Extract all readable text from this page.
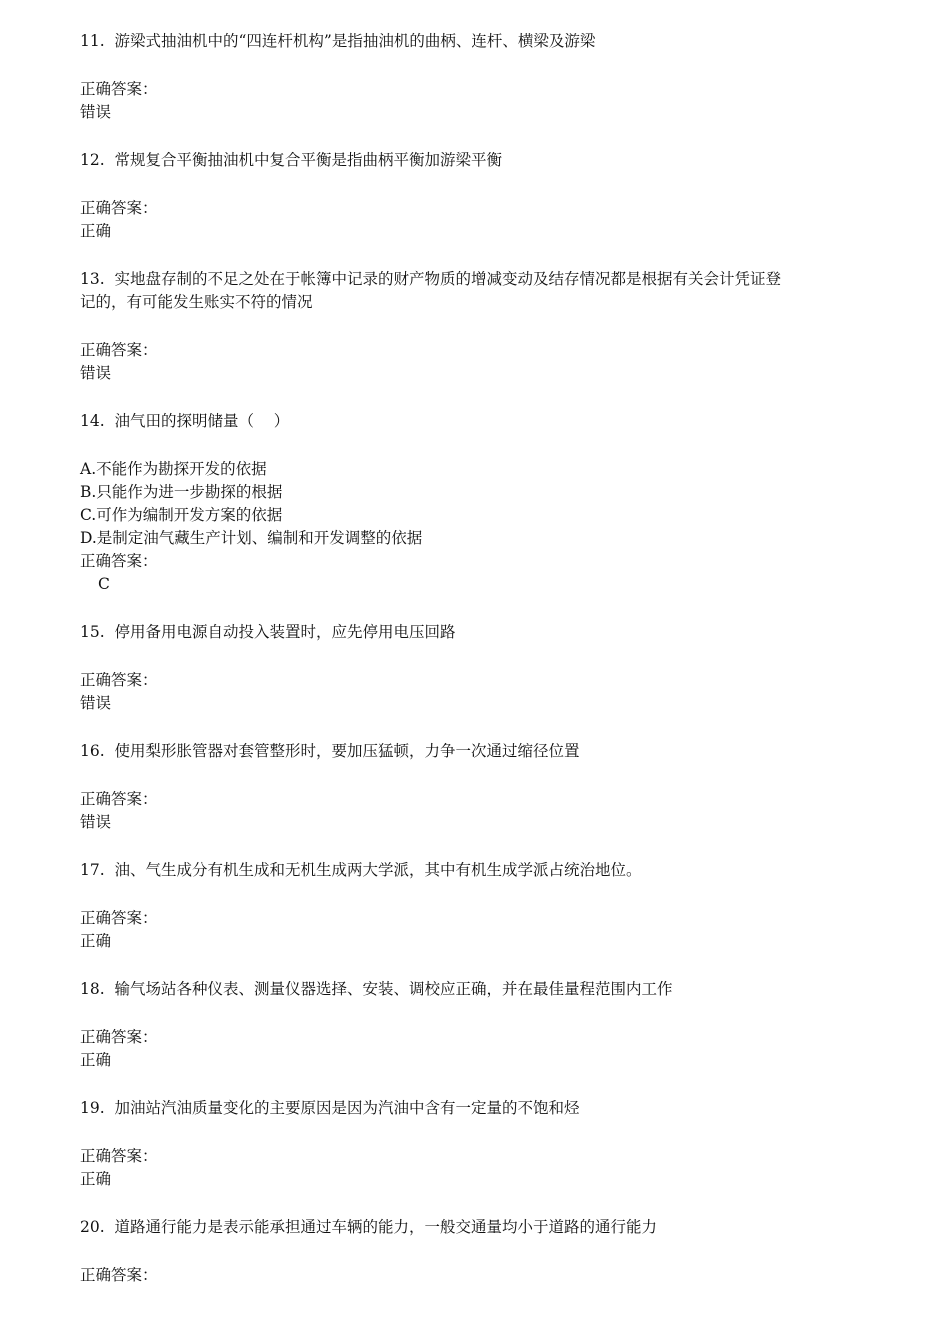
11.  游梁式抽油机中的“四连杆机构”是指抽油机的曲柄、连杆、横梁及游梁

正确答案：

错误

12.  常规复合平衡抽油机中复合平衡是指曲柄平衡加游梁平衡

正确答案：

正确

13.  实地盘存制的不足之处在于帐簿中记录的财产物质的增减变动及结存情况都是根据有关会计凭证登

记的，有可能发生账实不符的情况

正确答案：

错误

14.  油气田的探明储量（    ）

A.不能作为勘探开发的依据

B.只能作为进一步勘探的根据

C.可作为编制开发方案的依据

D.是制定油气藏生产计划、编制和开发调整的依据

正确答案：

C

15.  停用备用电源自动投入装置时，应先停用电压回路

正确答案：

错误

16.  使用梨形胀管器对套管整形时，要加压猛顿，力争一次通过缩径位置

正确答案：

错误

17.  油、气生成分有机生成和无机生成两大学派，其中有机生成学派占统治地位。

正确答案：

正确

18.  输气场站各种仪表、测量仪器选择、安装、调校应正确，并在最佳量程范围内工作

正确答案：

正确

19.  加油站汽油质量变化的主要原因是因为汽油中含有一定量的不饱和烃

正确答案：

正确

20.  道路通行能力是表示能承担通过车辆的能力，一般交通量均小于道路的通行能力

正确答案：
